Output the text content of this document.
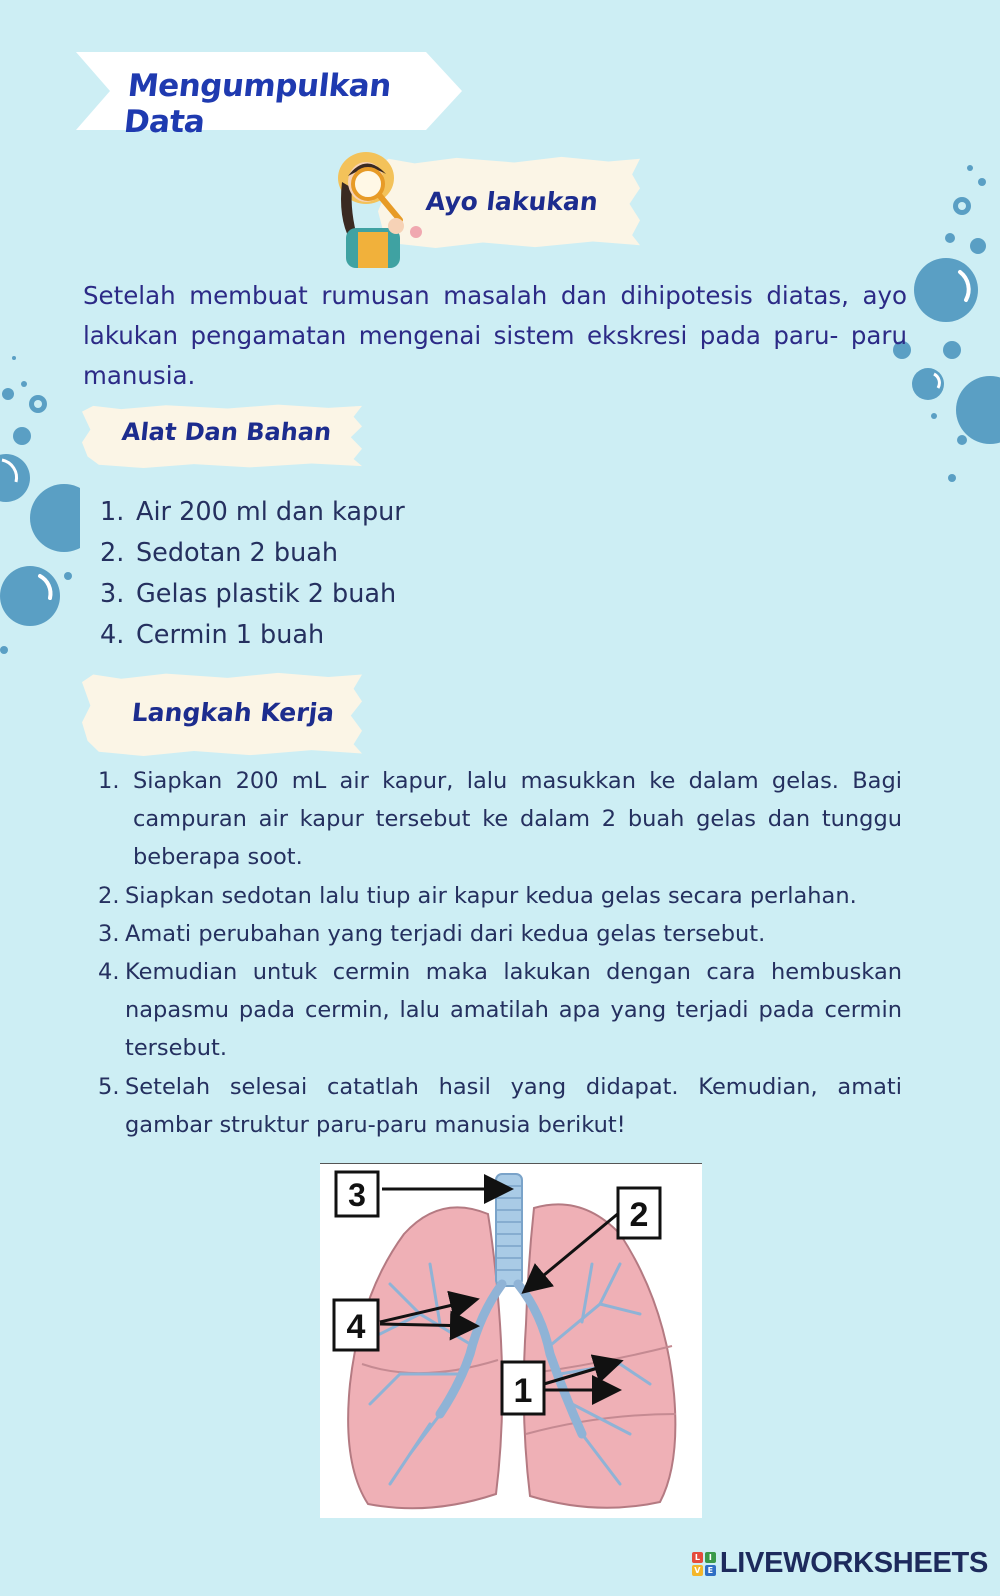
Mengumpulkan Data
Ayo lakukan
Setelah membuat rumusan masalah dan dihipotesis diatas, ayo lakukan pengamatan mengenai sistem ekskresi pada paru- paru manusia.
Alat Dan Bahan
1. Air 200 ml dan kapur
2. Sedotan 2 buah
3. Gelas plastik 2 buah
4. Cermin 1 buah
Langkah Kerja
1. Siapkan 200 mL air kapur, lalu masukkan ke dalam gelas. Bagi campuran air kapur tersebut ke dalam 2 buah gelas dan tunggu beberapa soot.
2. Siapkan sedotan lalu tiup air kapur kedua gelas secara perlahan.
3. Amati perubahan yang terjadi dari kedua gelas tersebut.
4. Kemudian untuk cermin maka lakukan dengan cara hembuskan napasmu pada cermin, lalu amatilah apa yang terjadi pada cermin tersebut.
5. Setelah selesai catatlah hasil yang didapat. Kemudian, amati gambar struktur paru-paru manusia berikut!
3
2
4
1
L	I
V E LIVEWORKSHEETS
